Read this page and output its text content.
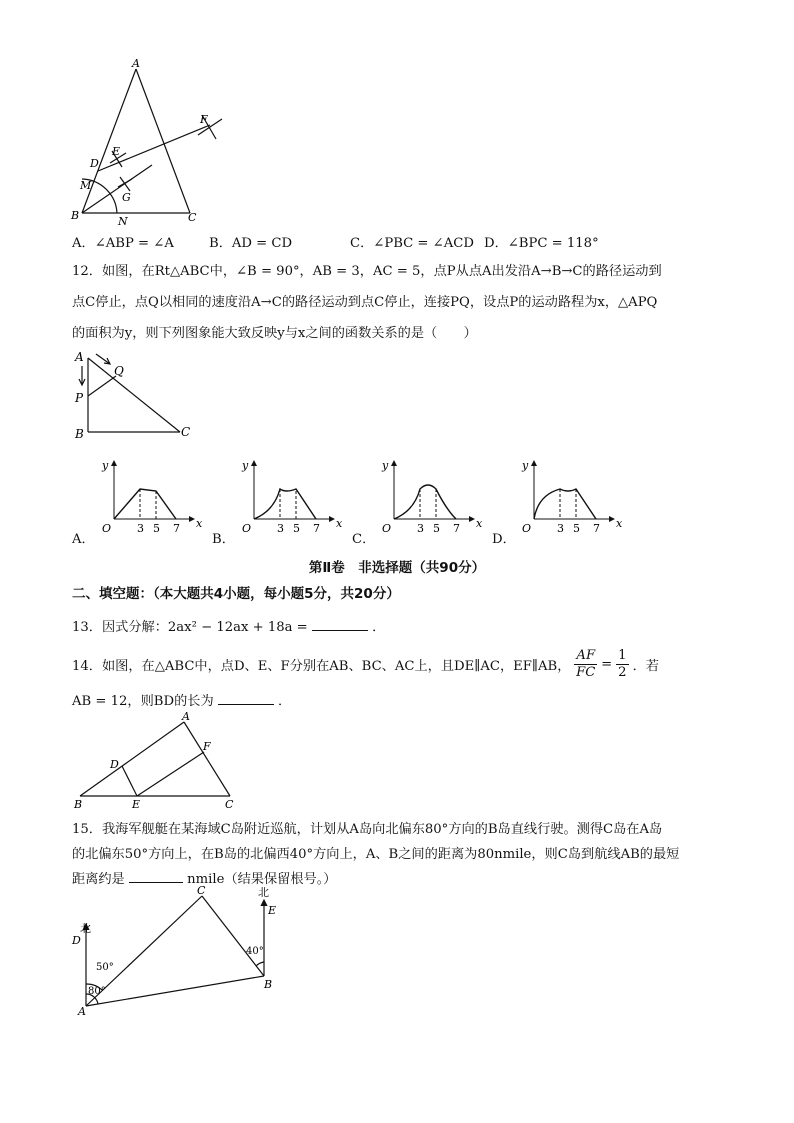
A
F
E
D
M
G
B	N	C
A．∠ABP = ∠A	B．AD = CD	C．∠PBC = ∠ACD D．∠BPC = 118°
12．如图，在Rt△ABC中，∠B = 90°，AB = 3，AC = 5，点P从点A出发沿A→B→C的路径运动到
点C停止，点Q以相同的速度沿A→C的路径运动到点C停止，连接PQ，设点P的运动路程为x，△APQ
的面积为y，则下列图象能大致反映y与x之间的函数关系的是（　　）
A
Q
P
B	C
y
x
O 3 5 7
y
x
O 3 5 7
y
x
O 3 5 7
y
x
O 3 5 7
A．	B．	C．	D．
第Ⅱ卷　非选择题（共90分）
二、填空题：（本大题共4小题，每小题5分，共20分）
13．因式分解：2ax² − 12ax + 18a =	．
14．如图，在△ABC中，点D、E、F分别在AB、BC、AC上，且DE∥AC，EF∥AB， $\frac{AF}{FC} = \frac{1}{2}$ ．若
AB = 12，则BD的长为	．
A
F
D
B	E	C
15．我海军舰艇在某海域C岛附近巡航，计划从A岛向北偏东80°方向的B岛直线行驶。测得C岛在A岛
的北偏东50°方向上，在B岛的北偏西40°方向上，A、B之间的距离为80nmile，则C岛到航线AB的最短
距离约是	nmile（结果保留根号。）
北
D
50°
80°
A
C	北
E
40°
B
